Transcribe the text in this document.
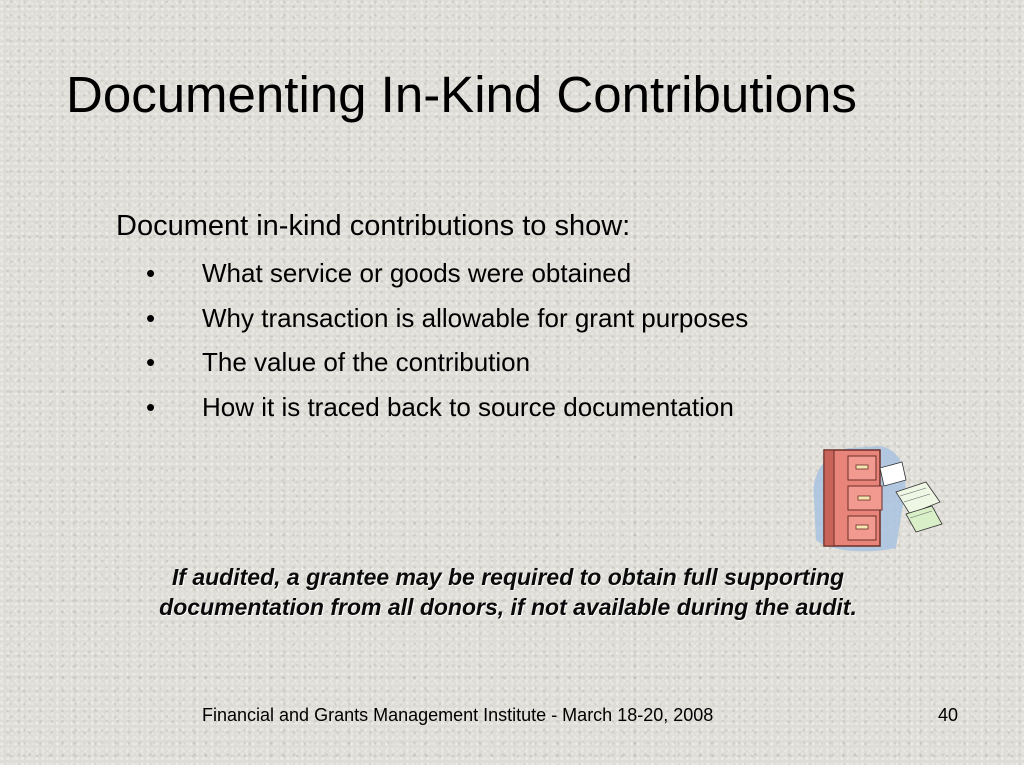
Documenting In-Kind Contributions
Document in-kind contributions to show:
•	What service or goods were obtained
•	Why transaction is allowable for grant purposes
•	The value of the contribution
•	How it is traced back to source documentation
If audited, a grantee may be required to obtain full supporting documentation from all donors, if not available during the audit.
Financial and Grants Management Institute - March 18-20, 2008	40
